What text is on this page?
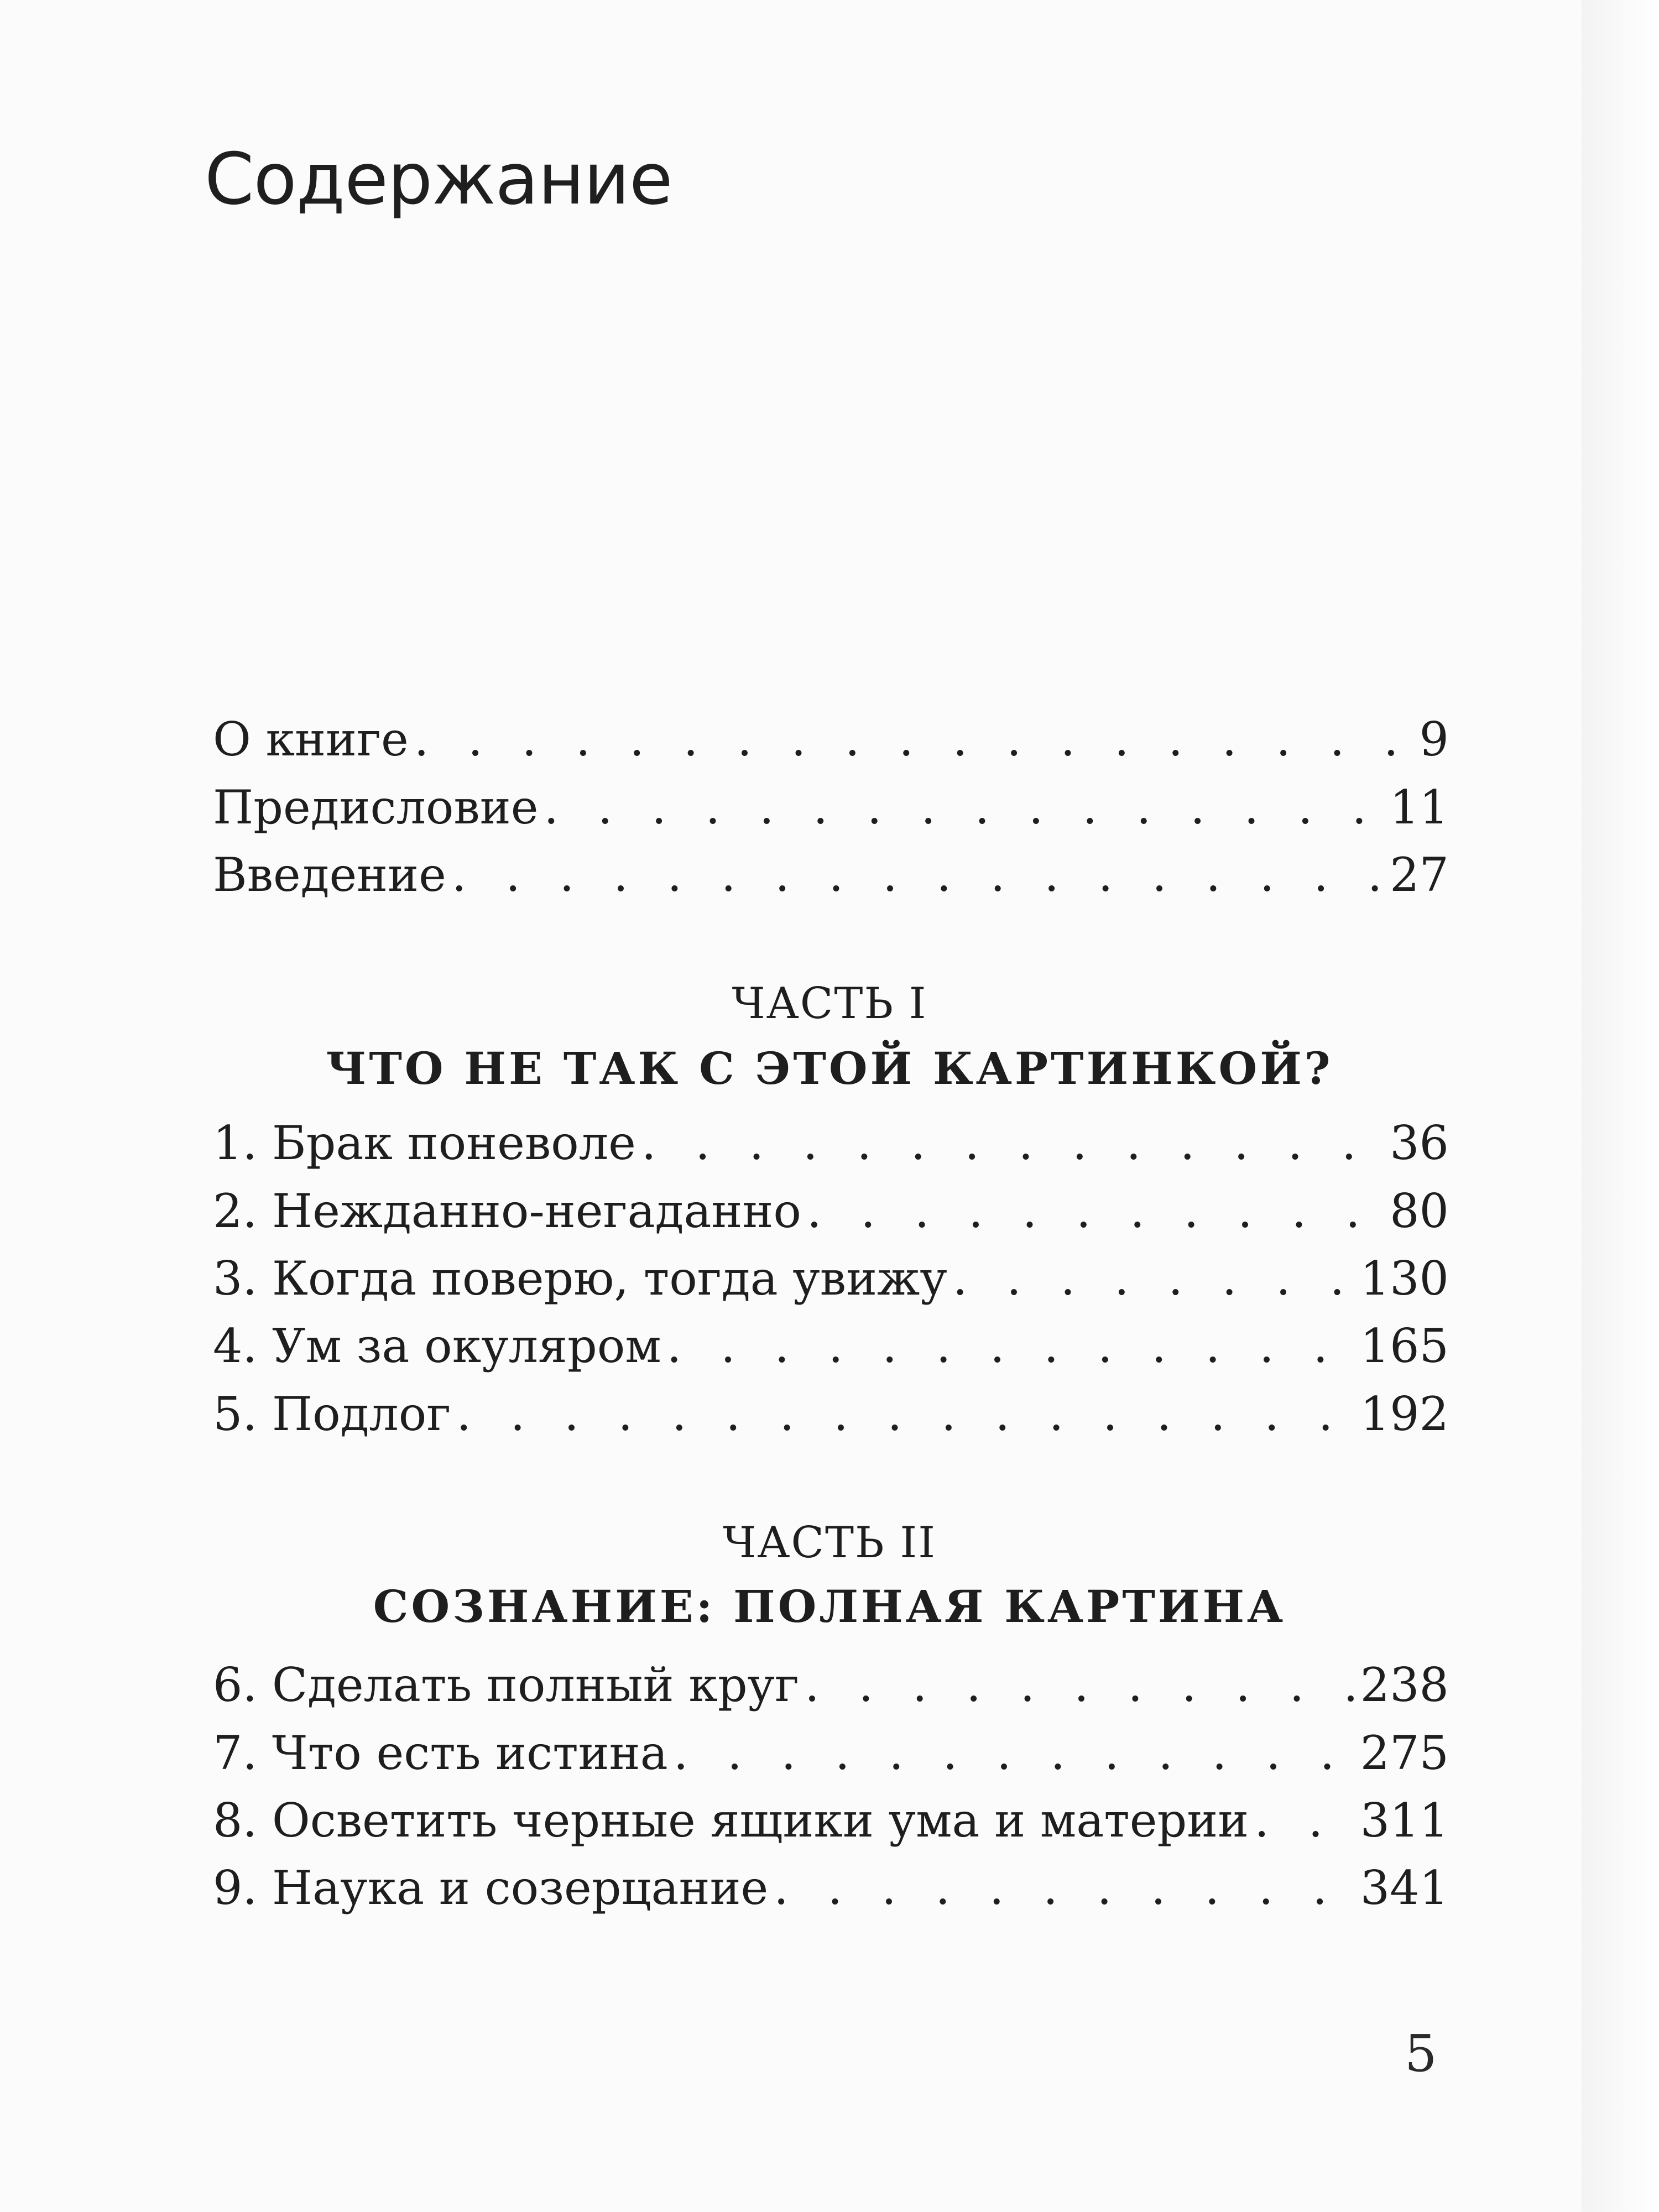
Содержание
О книге . . .	9
Предисловие . . .	11
Введение . . .	27
ЧАСТЬ I
ЧТО НЕ ТАК С ЭТОЙ КАРТИНКОЙ?
1. Брак поневоле . . .	36
2. Нежданно-негаданно . . .	80
3. Когда поверю, тогда увижу . . .	130
4. Ум за окуляром . . .	165
5. Подлог . . .	192
ЧАСТЬ II
СОЗНАНИЕ: ПОЛНАЯ КАРТИНА
6. Сделать полный круг . . .	238
7. Что есть истина . . .	275
8. Осветить черные ящики ума и материи . . . 311
9. Наука и созерцание . . .	341
5
